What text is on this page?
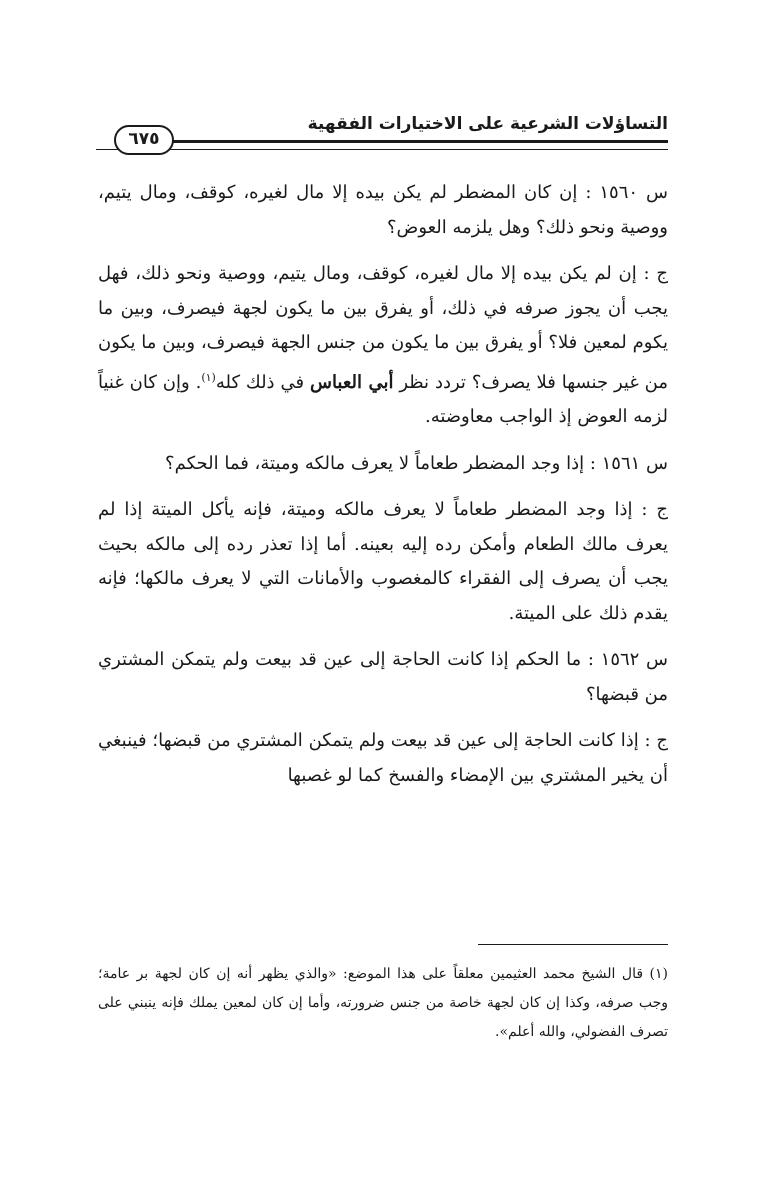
التساؤلات الشرعية على الاختيارات الفقهية
٦٧٥

س ١٥٦٠ : إن كان المضطر لم يكن بيده إلا مال لغيره، كوقف، ومال يتيم، ووصية ونحو ذلك؟ وهل يلزمه العوض؟

ج : إن لم يكن بيده إلا مال لغيره، كوقف، ومال يتيم، ووصية ونحو ذلك، فهل يجب أن يجوز صرفه في ذلك، أو يفرق بين ما يكون لجهة فيصرف، وبين ما يكوم لمعين فلا؟ أو يفرق بين ما يكون من جنس الجهة فيصرف، وبين ما يكون من غير جنسها فلا يصرف؟ تردد نظر أبي العباس في ذلك كله$^{(١)}$. وإن كان غنياً لزمه العوض إذ الواجب معاوضته.

س ١٥٦١ : إذا وجد المضطر طعاماً لا يعرف مالكه وميتة، فما الحكم؟

ج : إذا وجد المضطر طعاماً لا يعرف مالكه وميتة، فإنه يأكل الميتة إذا لم يعرف مالك الطعام وأمكن رده إليه بعينه. أما إذا تعذر رده إلى مالكه بحيث يجب أن يصرف إلى الفقراء كالمغصوب والأمانات التي لا يعرف مالكها؛ فإنه يقدم ذلك على الميتة.

س ١٥٦٢ : ما الحكم إذا كانت الحاجة إلى عين قد بيعت ولم يتمكن المشتري من قبضها؟

ج : إذا كانت الحاجة إلى عين قد بيعت ولم يتمكن المشتري من قبضها؛ فينبغي أن يخير المشتري بين الإمضاء والفسخ كما لو غصبها

(١) قال الشيخ محمد العثيمين معلقاً على هذا الموضع: «والذي يظهر أنه إن كان لجهة بر عامة؛ وجب صرفه، وكذا إن كان لجهة خاصة من جنس ضرورته، وأما إن كان لمعين يملك فإنه ينبني على تصرف الفضولي، والله أعلم».
